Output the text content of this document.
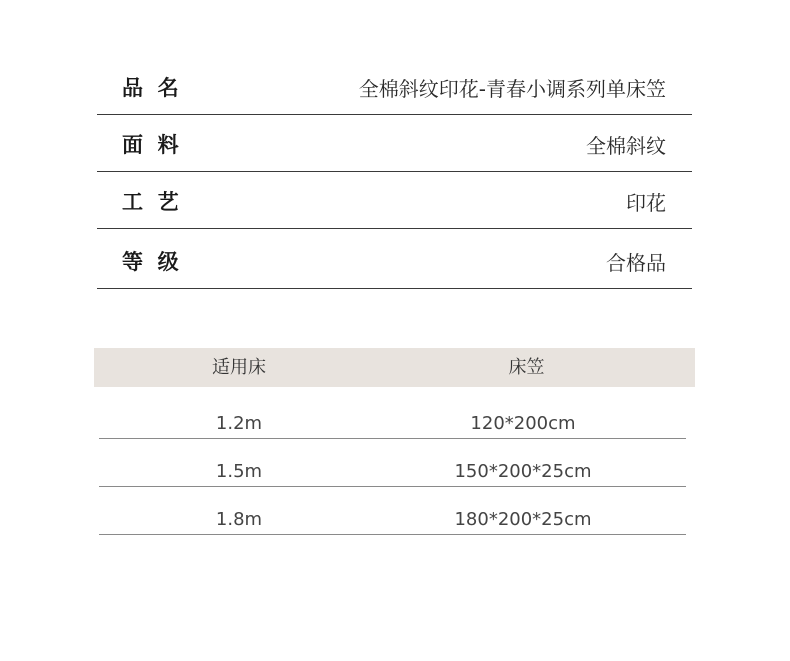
品  名	全棉斜纹印花-青春小调系列单床笠
面  料	全棉斜纹
工  艺	印花
等  级	合格品
适用床	床笠
1.2m	120*200cm
1.5m	150*200*25cm
1.8m	180*200*25cm
